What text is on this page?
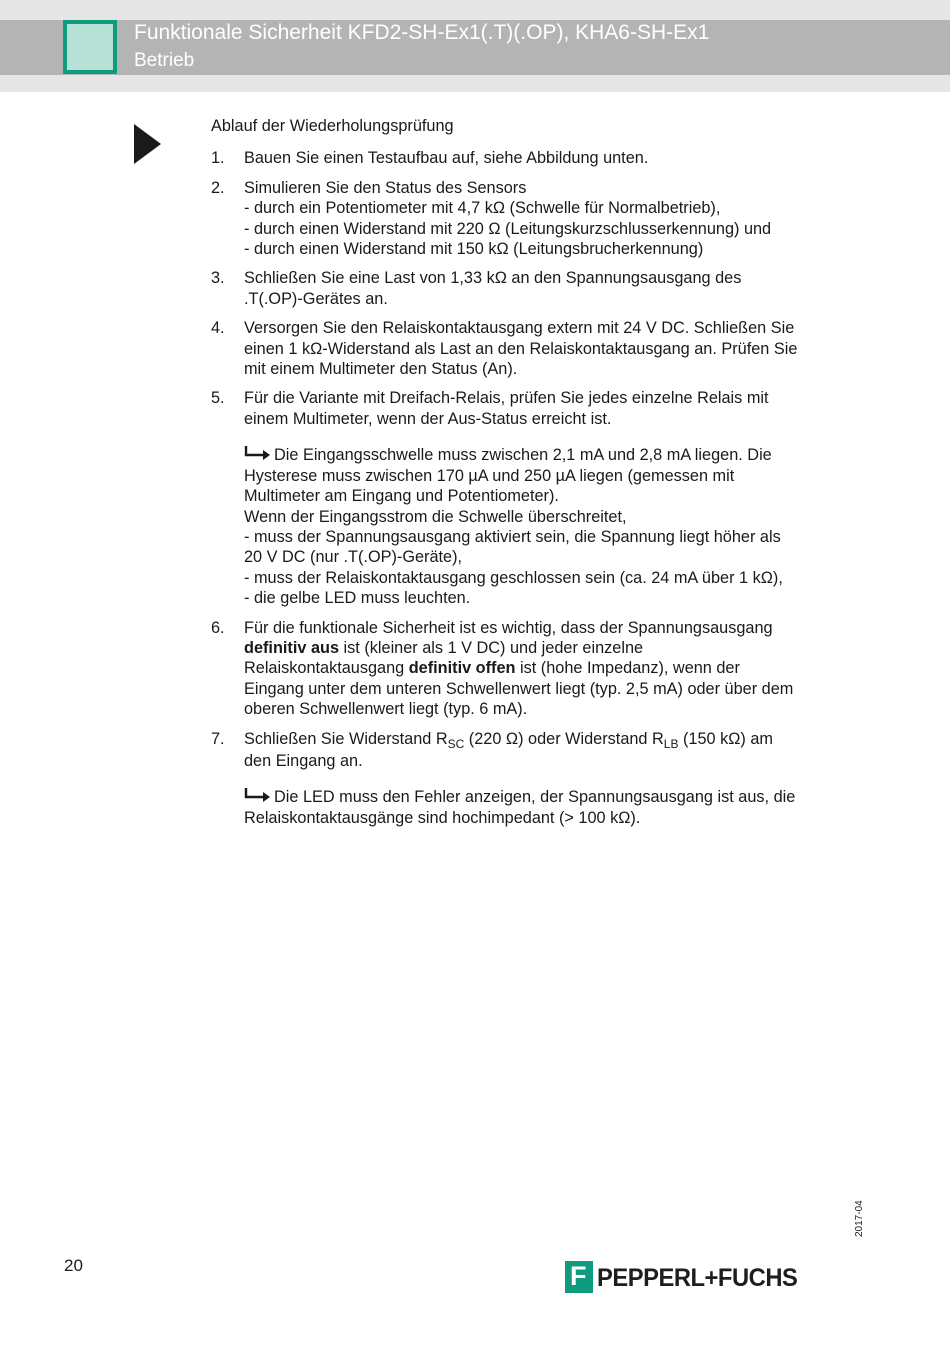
Funktionale Sicherheit KFD2-SH-Ex1(.T)(.OP), KHA6-SH-Ex1
Betrieb
Ablauf der Wiederholungsprüfung
1. Bauen Sie einen Testaufbau auf, siehe Abbildung unten.
2. Simulieren Sie den Status des Sensors
- durch ein Potentiometer mit 4,7 kΩ (Schwelle für Normalbetrieb),
- durch einen Widerstand mit 220 Ω (Leitungskurzschlusserkennung) und
- durch einen Widerstand mit 150 kΩ (Leitungsbrucherkennung)
3. Schließen Sie eine Last von 1,33 kΩ an den Spannungsausgang des
.T(.OP)-Gerätes an.
4. Versorgen Sie den Relaiskontaktausgang extern mit 24 V DC. Schließen Sie
einen 1 kΩ-Widerstand als Last an den Relaiskontaktausgang an. Prüfen Sie
mit einem Multimeter den Status (An).
5. Für die Variante mit Dreifach-Relais, prüfen Sie jedes einzelne Relais mit
einem Multimeter, wenn der Aus-Status erreicht ist.
Die Eingangsschwelle muss zwischen 2,1 mA und 2,8 mA liegen. Die
Hysterese muss zwischen 170 µA und 250 µA liegen (gemessen mit
Multimeter am Eingang und Potentiometer).
Wenn der Eingangsstrom die Schwelle überschreitet,
- muss der Spannungsausgang aktiviert sein, die Spannung liegt höher als
20 V DC (nur .T(.OP)-Geräte),
- muss der Relaiskontaktausgang geschlossen sein (ca. 24 mA über 1 kΩ),
- die gelbe LED muss leuchten.
6. Für die funktionale Sicherheit ist es wichtig, dass der Spannungsausgang
definitiv aus ist (kleiner als 1 V DC) und jeder einzelne
Relaiskontaktausgang definitiv offen ist (hohe Impedanz), wenn der
Eingang unter dem unteren Schwellenwert liegt (typ. 2,5 mA) oder über dem
oberen Schwellenwert liegt (typ. 6 mA).
7. Schließen Sie Widerstand $R_{SC}$ (220 Ω) oder Widerstand $R_{LB}$ (150 kΩ) am
den Eingang an.
Die LED muss den Fehler anzeigen, der Spannungsausgang ist aus, die
Relaiskontaktausgänge sind hochimpedant (> 100 kΩ).
20
2017-04
F PEPPERL+FUCHS
